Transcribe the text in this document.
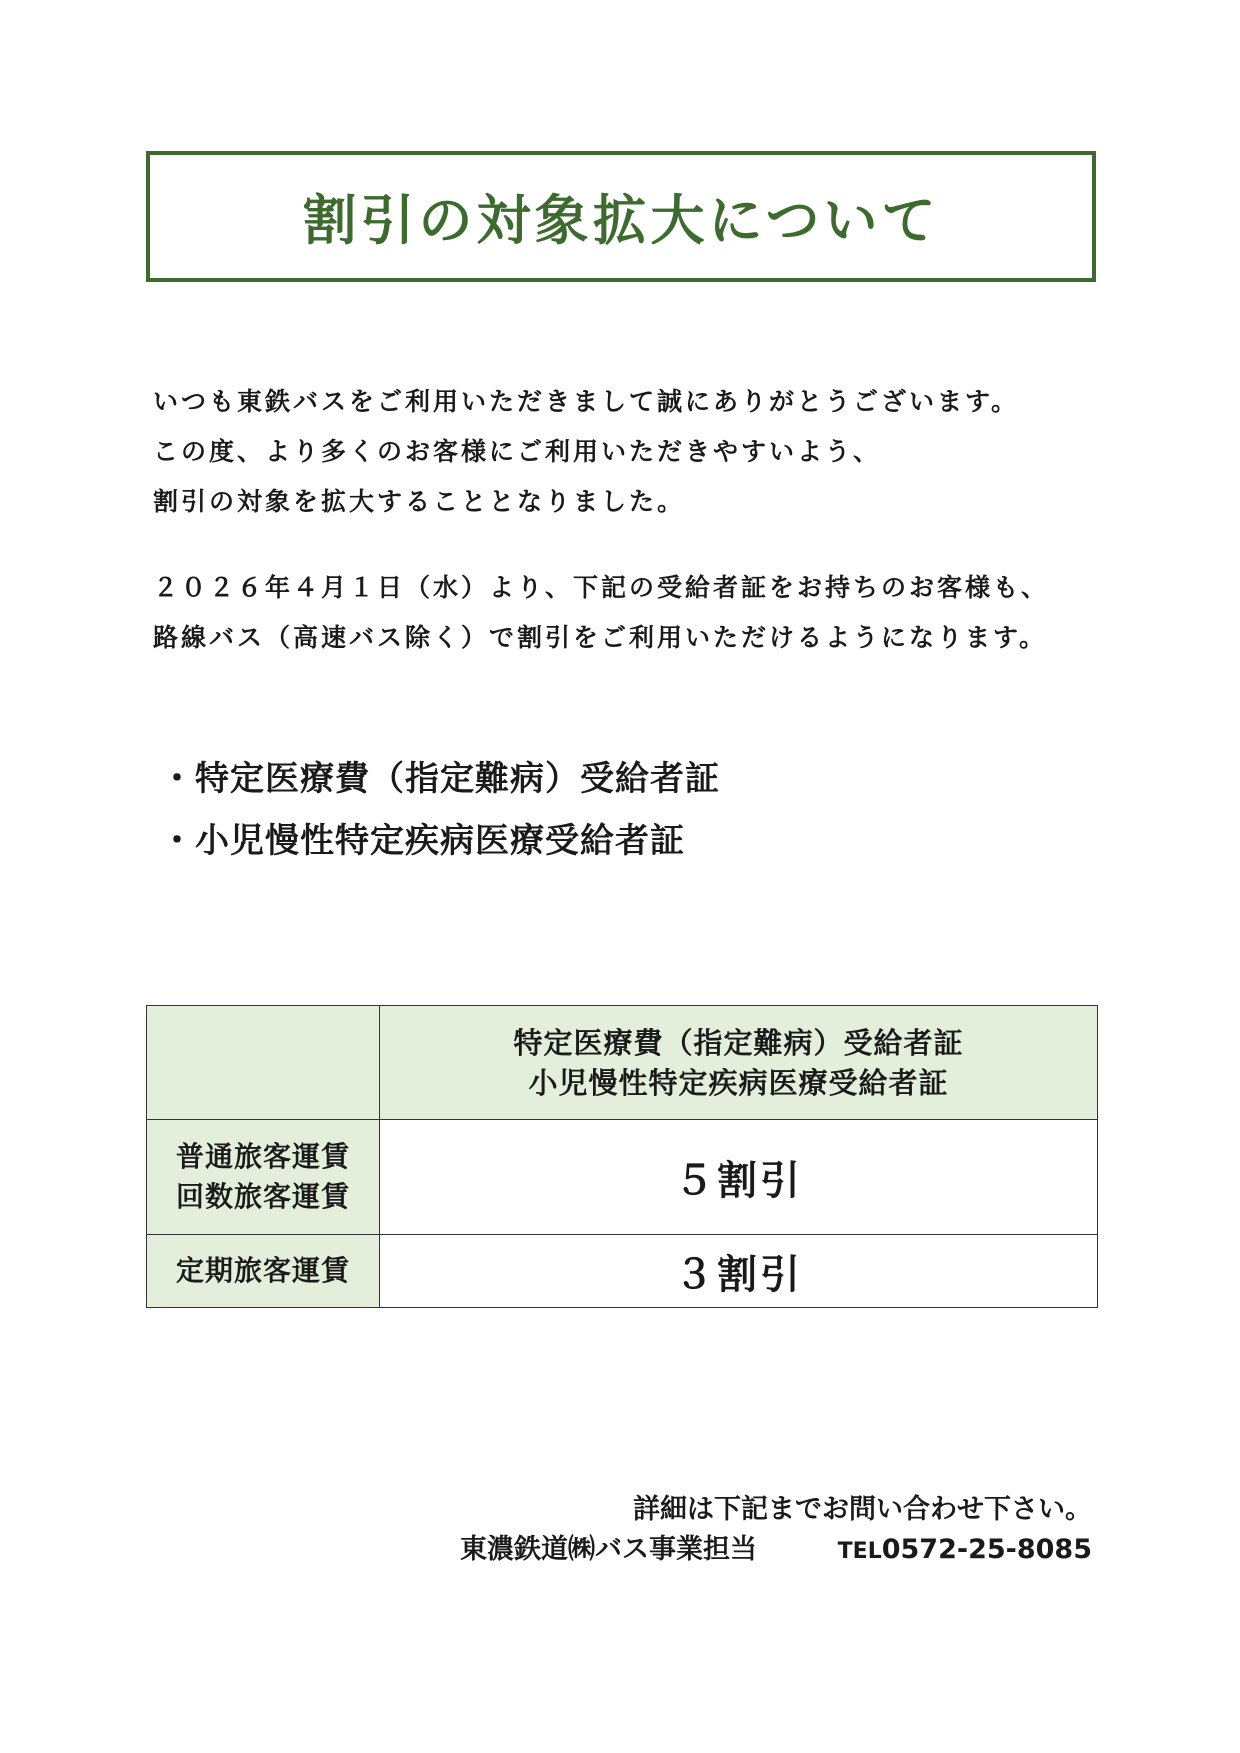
割引の対象拡大について
いつも東鉄バスをご利用いただきまして誠にありがとうございます。
この度、より多くのお客様にご利用いただきやすいよう、
割引の対象を拡大することとなりました。
２０２６年４月１日（水）より、下記の受給者証をお持ちのお客様も、
路線バス（高速バス除く）で割引をご利用いただけるようになります。
・特定医療費（指定難病）受給者証
・小児慢性特定疾病医療受給者証

	特定医療費（指定難病）受給者証
小児慢性特定疾病医療受給者証

普通旅客運賃
回数旅客運賃	５割引

定期旅客運賃	３割引
詳細は下記までお問い合わせ下さい。
東濃鉄道㈱バス事業担当	TEL0572-25-8085
